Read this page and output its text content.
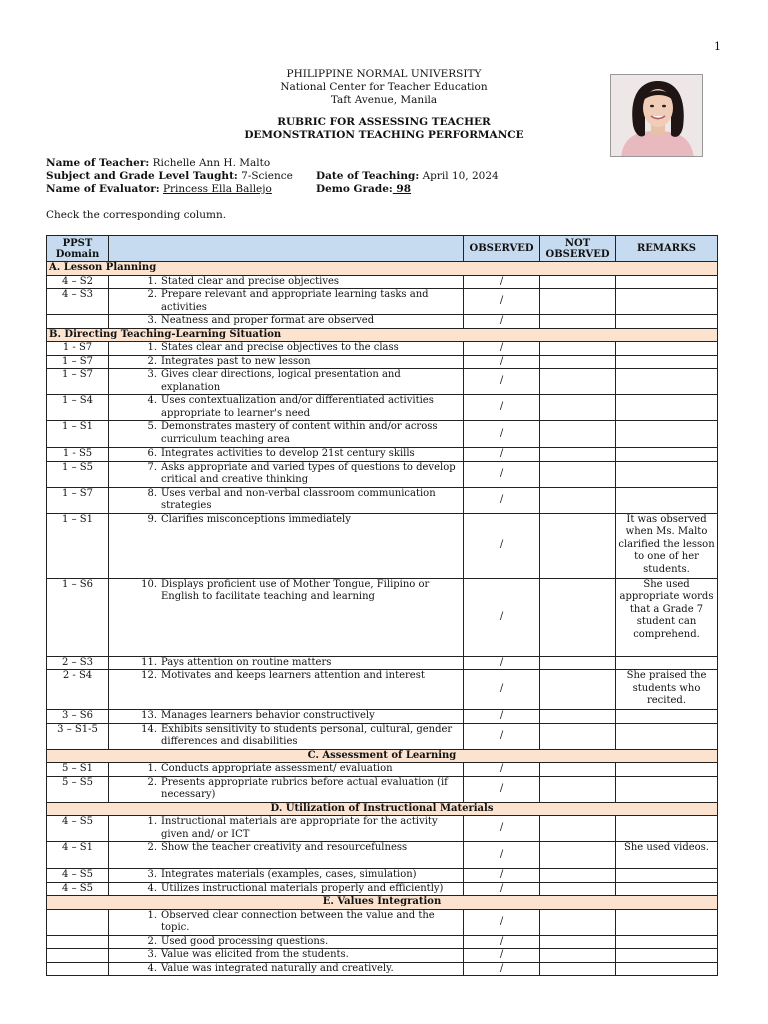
1
PHILIPPINE NORMAL UNIVERSITY
National Center for Teacher Education
Taft Avenue, Manila
RUBRIC FOR ASSESSING TEACHER
DEMONSTRATION TEACHING PERFORMANCE
Name of Teacher: Richelle Ann H. Malto
Subject and Grade Level Taught: 7-Science Date of Teaching: April 10, 2024
Name of Evaluator: Princess Ella Ballejo	Demo Grade: 98
Check the corresponding column.
PPST Domain		OBSERVED	NOT OBSERVED	REMARKS
A. Lesson Planning				
4 – S2	1. Stated clear and precise objectives	/		
4 – S3	2. Prepare relevant and appropriate learning tasks and activities	/		

	3. Neatness and proper format are observed	/		
B. Directing Teaching-Learning Situation				
1 - S7	1. States clear and precise objectives to the class	/		
1 – S7	2. Integrates past to new lesson	/		
1 – S7	3. Gives clear directions, logical presentation and explanation	/		
1 – S4	4. Uses contextualization and/or differentiated activities appropriate to learner's need	/		
1 – S1	5. Demonstrates mastery of content within and/or across curriculum teaching area	/		
1 - S5	6. Integrates activities to develop 21st century skills	/		
1 – S5	7. Asks appropriate and varied types of questions to develop critical and creative thinking	/		
1 – S7	8. Uses verbal and non-verbal classroom communication strategies	/		
1 – S1	9. Clarifies misconceptions immediately	/		It was observed when Ms. Malto clarified the lesson to one of her students.
1 – S6	10. Displays proficient use of Mother Tongue, Filipino or English to facilitate teaching and learning	/		She used appropriate words that a Grade 7 student can comprehend.
2 – S3	11. Pays attention on routine matters	/		
2 - S4	12. Motivates and keeps learners attention and interest	/		She praised the students who recited.
3 – S6	13. Manages learners behavior constructively	/		
3 – S1-5	14. Exhibits sensitivity to students personal, cultural, gender differences and disabilities	/		
C. Assessment of Learning				
5 – S1	1. Conducts appropriate assessment/ evaluation	/		
5 – S5	2. Presents appropriate rubrics before actual evaluation (if necessary)	/		
D. Utilization of Instructional Materials				
4 – S5	1. Instructional materials are appropriate for the activity given and/ or ICT	/		
4 – S1	2. Show the teacher creativity and resourcefulness	/		She used videos.
4 – S5	3. Integrates materials (examples, cases, simulation)	/		
4 – S5	4. Utilizes instructional materials properly and efficiently)	/		
E. Values Integration				

	1. Observed clear connection between the value and the topic.	/		

	2. Used good processing questions.	/		

	3. Value was elicited from the students.	/		

	4. Value was integrated naturally and creatively.	/		
